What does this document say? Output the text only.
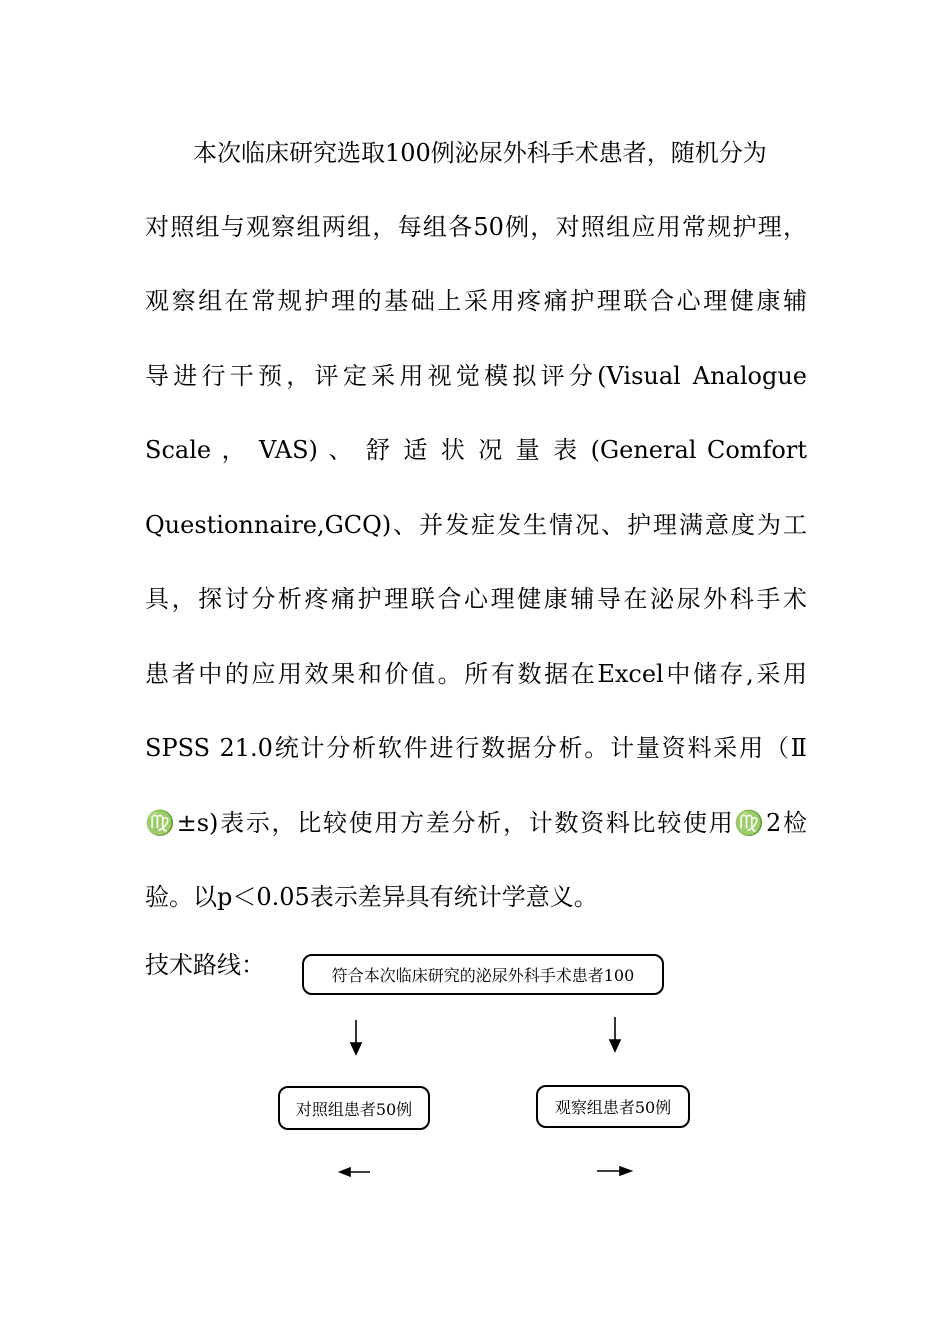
本次临床研究选取100例泌尿外科手术患者，随机分为
对照组与观察组两组，每组各50例，对照组应用常规护理，
观察组在常规护理的基础上采用疼痛护理联合心理健康辅
导进行干预，评定采用视觉模拟评分(Visual Analogue
Scale ， VAS) 、 舒 适 状 况 量 表 (General Comfort
Questionnaire,GCQ)、并发症发生情况、护理满意度为工
具，探讨分析疼痛护理联合心理健康辅导在泌尿外科手术
患者中的应用效果和价值。所有数据在Excel中储存,采用
SPSS 21.0统计分析软件进行数据分析。计量资料采用（Ⅱ
♍±s)表示，比较使用方差分析，计数资料比较使用♍2检
验。以p＜0.05表示差异具有统计学意义。
技术路线：	符合本次临床研究的泌尿外科手术患者100
对照组患者50例	观察组患者50例
